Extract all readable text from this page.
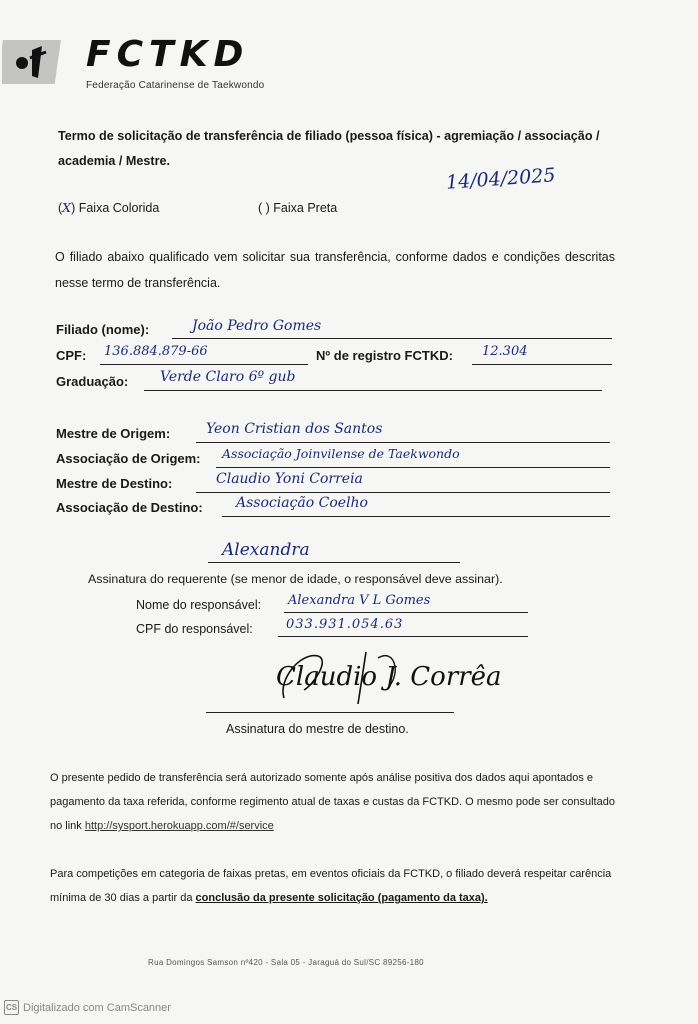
FCTKD
Federação Catarinense de Taekwondo
Termo de solicitação de transferência de filiado (pessoa física) - agremiação / associação / academia / Mestre.
14/04/2025
(X) Faixa Colorida	( ) Faixa Preta
O filiado abaixo qualificado vem solicitar sua transferência, conforme dados e condições descritas nesse termo de transferência.
Filiado (nome):	João Pedro Gomes
CPF: 136.884.879-66	Nº de registro FCTKD: 12.304
Graduação: Verde Claro 6º gub
Mestre de Origem:	Yeon Cristian dos Santos
Associação de Origem: Associação Joinvilense de Taekwondo
Mestre de Destino:	Claudio Yoni Correia
Associação de Destino: Associação Coelho
Alexandra
Assinatura do requerente (se menor de idade, o responsável deve assinar).
Nome do responsável: Alexandra V L Gomes
CPF do responsável:	033.931.054.63
Claudio J. Corrêa
Assinatura do mestre de destino.
O presente pedido de transferência será autorizado somente após análise positiva dos dados aqui apontados e pagamento da taxa referida, conforme regimento atual de taxas e custas da FCTKD. O mesmo pode ser consultado no link http://sysport.herokuapp.com/#/service
Para competições em categoria de faixas pretas, em eventos oficiais da FCTKD, o filiado deverá respeitar carência mínima de 30 dias a partir da conclusão da presente solicitação (pagamento da taxa).
Rua Domingos Samson nº420 - Sala 05 - Jaraguá do Sul/SC 89256-180
CS Digitalizado com CamScanner
